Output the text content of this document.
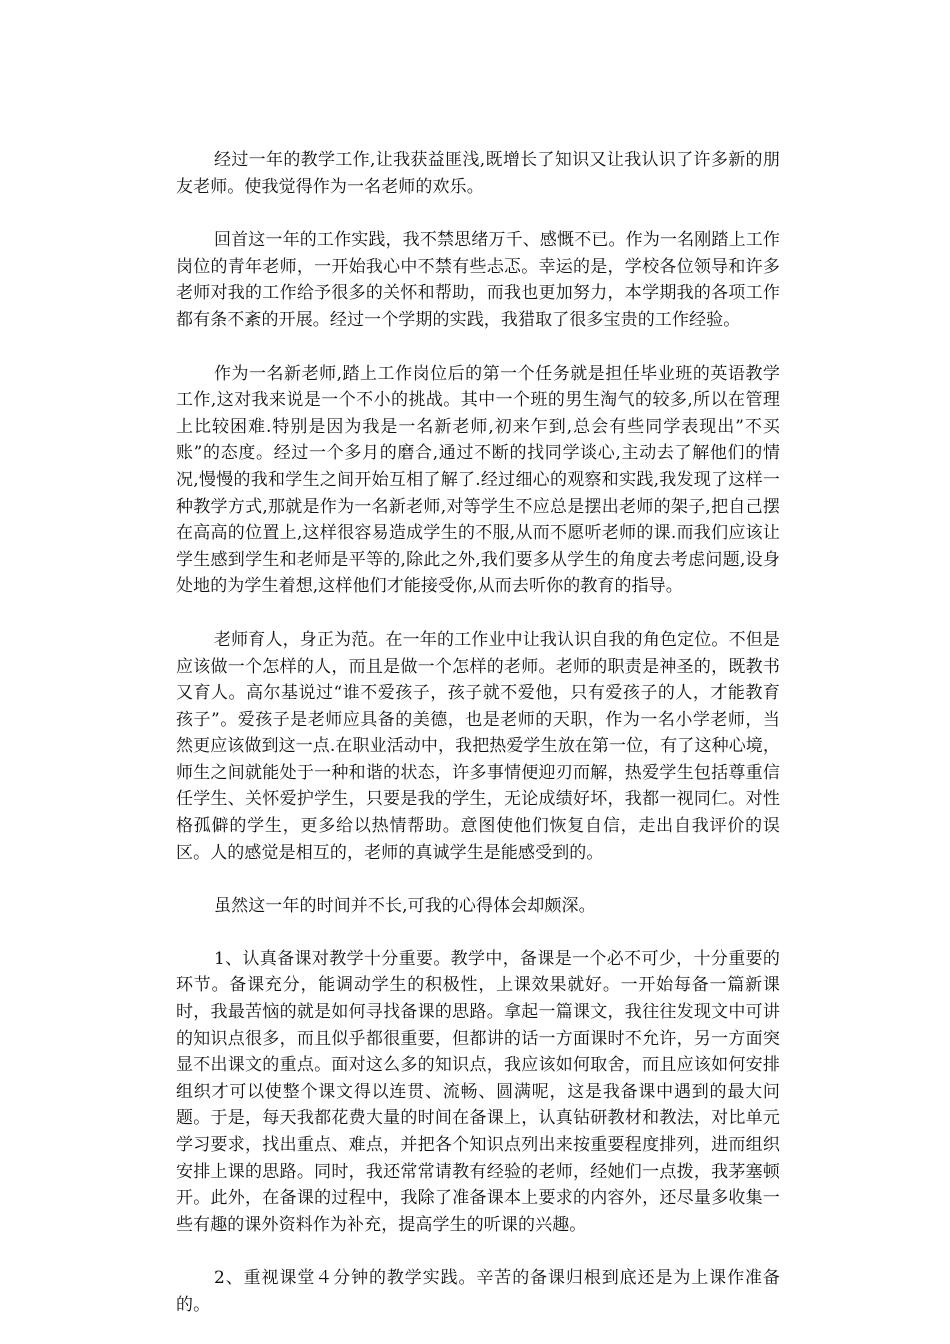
经过一年的教学工作,让我获益匪浅,既增长了知识又让我认识了许多新的朋友老师。使我觉得作为一名老师的欢乐。

回首这一年的工作实践，我不禁思绪万千、感慨不已。作为一名刚踏上工作岗位的青年老师，一开始我心中不禁有些忐忑。幸运的是，学校各位领导和许多老师对我的工作给予很多的关怀和帮助，而我也更加努力，本学期我的各项工作都有条不紊的开展。经过一个学期的实践，我猎取了很多宝贵的工作经验。

作为一名新老师,踏上工作岗位后的第一个任务就是担任毕业班的英语教学工作,这对我来说是一个不小的挑战。其中一个班的男生淘气的较多,所以在管理上比较困难.特别是因为我是一名新老师,初来乍到,总会有些同学表现出”不买账”的态度。经过一个多月的磨合,通过不断的找同学谈心,主动去了解他们的情况,慢慢的我和学生之间开始互相了解了.经过细心的观察和实践,我发现了这样一种教学方式,那就是作为一名新老师,对等学生不应总是摆出老师的架子,把自己摆在高高的位置上,这样很容易造成学生的不服,从而不愿听老师的课.而我们应该让学生感到学生和老师是平等的,除此之外,我们要多从学生的角度去考虑问题,设身处地的为学生着想,这样他们才能接受你,从而去听你的教育的指导。

老师育人，身正为范。在一年的工作业中让我认识自我的角色定位。不但是应该做一个怎样的人，而且是做一个怎样的老师。老师的职责是神圣的，既教书又育人。高尔基说过“谁不爱孩子，孩子就不爱他，只有爱孩子的人，才能教育孩子”。爱孩子是老师应具备的美德，也是老师的天职，作为一名小学老师，当然更应该做到这一点.在职业活动中，我把热爱学生放在第一位，有了这种心境，师生之间就能处于一种和谐的状态，许多事情便迎刃而解，热爱学生包括尊重信任学生、关怀爱护学生，只要是我的学生，无论成绩好坏，我都一视同仁。对性格孤僻的学生，更多给以热情帮助。意图使他们恢复自信，走出自我评价的误区。人的感觉是相互的，老师的真诚学生是能感受到的。

虽然这一年的时间并不长,可我的心得体会却颇深。

1、认真备课对教学十分重要。教学中，备课是一个必不可少，十分重要的环节。备课充分，能调动学生的积极性，上课效果就好。一开始每备一篇新课时，我最苦恼的就是如何寻找备课的思路。拿起一篇课文，我往往发现文中可讲的知识点很多，而且似乎都很重要，但都讲的话一方面课时不允许，另一方面突显不出课文的重点。面对这么多的知识点，我应该如何取舍，而且应该如何安排组织才可以使整个课文得以连贯、流畅、圆满呢，这是我备课中遇到的最大问题。于是，每天我都花费大量的时间在备课上，认真钻研教材和教法，对比单元学习要求，找出重点、难点，并把各个知识点列出来按重要程度排列，进而组织安排上课的思路。同时，我还常常请教有经验的老师，经她们一点拨，我茅塞顿开。此外，在备课的过程中，我除了准备课本上要求的内容外，还尽量多收集一些有趣的课外资料作为补充，提高学生的听课的兴趣。

2、重视课堂４分钟的教学实践。辛苦的备课归根到底还是为上课作准备的。
